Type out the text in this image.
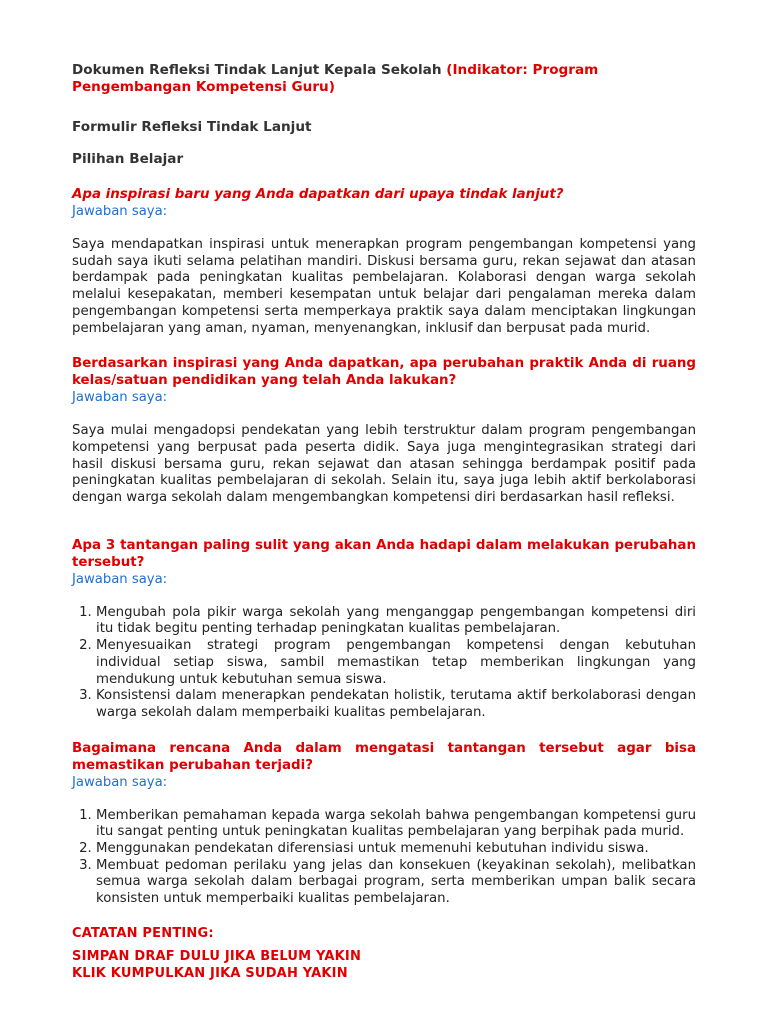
Dokumen Refleksi Tindak Lanjut Kepala Sekolah (Indikator: Program Pengembangan Kompetensi Guru)

Formulir Refleksi Tindak Lanjut

Pilihan Belajar

Apa inspirasi baru yang Anda dapatkan dari upaya tindak lanjut?

Jawaban saya:

Saya mendapatkan inspirasi untuk menerapkan program pengembangan kompetensi yang sudah saya ikuti selama pelatihan mandiri. Diskusi bersama guru, rekan sejawat dan atasan berdampak pada peningkatan kualitas pembelajaran. Kolaborasi dengan warga sekolah melalui kesepakatan, memberi kesempatan untuk belajar dari pengalaman mereka dalam pengembangan kompetensi serta memperkaya praktik saya dalam menciptakan lingkungan pembelajaran yang aman, nyaman, menyenangkan, inklusif dan berpusat pada murid.

Berdasarkan inspirasi yang Anda dapatkan, apa perubahan praktik Anda di ruang kelas/satuan pendidikan yang telah Anda lakukan?

Jawaban saya:

Saya mulai mengadopsi pendekatan yang lebih terstruktur dalam program pengembangan kompetensi yang berpusat pada peserta didik. Saya juga mengintegrasikan strategi dari hasil diskusi bersama guru, rekan sejawat dan atasan sehingga berdampak positif pada peningkatan kualitas pembelajaran di sekolah. Selain itu, saya juga lebih aktif berkolaborasi dengan warga sekolah dalam mengembangkan kompetensi diri berdasarkan hasil refleksi.

Apa 3 tantangan paling sulit yang akan Anda hadapi dalam melakukan perubahan tersebut?

Jawaban saya:

1. Mengubah pola pikir warga sekolah yang menganggap pengembangan kompetensi diri itu tidak begitu penting terhadap peningkatan kualitas pembelajaran.
2. Menyesuaikan strategi program pengembangan kompetensi dengan kebutuhan individual setiap siswa, sambil memastikan tetap memberikan lingkungan yang mendukung untuk kebutuhan semua siswa.
3. Konsistensi dalam menerapkan pendekatan holistik, terutama aktif berkolaborasi dengan warga sekolah dalam memperbaiki kualitas pembelajaran.

Bagaimana rencana Anda dalam mengatasi tantangan tersebut agar bisa memastikan perubahan terjadi?

Jawaban saya:

1. Memberikan pemahaman kepada warga sekolah bahwa pengembangan kompetensi guru itu sangat penting untuk peningkatan kualitas pembelajaran yang berpihak pada murid.
2. Menggunakan pendekatan diferensiasi untuk memenuhi kebutuhan individu siswa.
3. Membuat pedoman perilaku yang jelas dan konsekuen (keyakinan sekolah), melibatkan semua warga sekolah dalam berbagai program, serta memberikan umpan balik secara konsisten untuk memperbaiki kualitas pembelajaran.

CATATAN PENTING:

SIMPAN DRAF DULU JIKA BELUM YAKIN

KLIK KUMPULKAN JIKA SUDAH YAKIN
